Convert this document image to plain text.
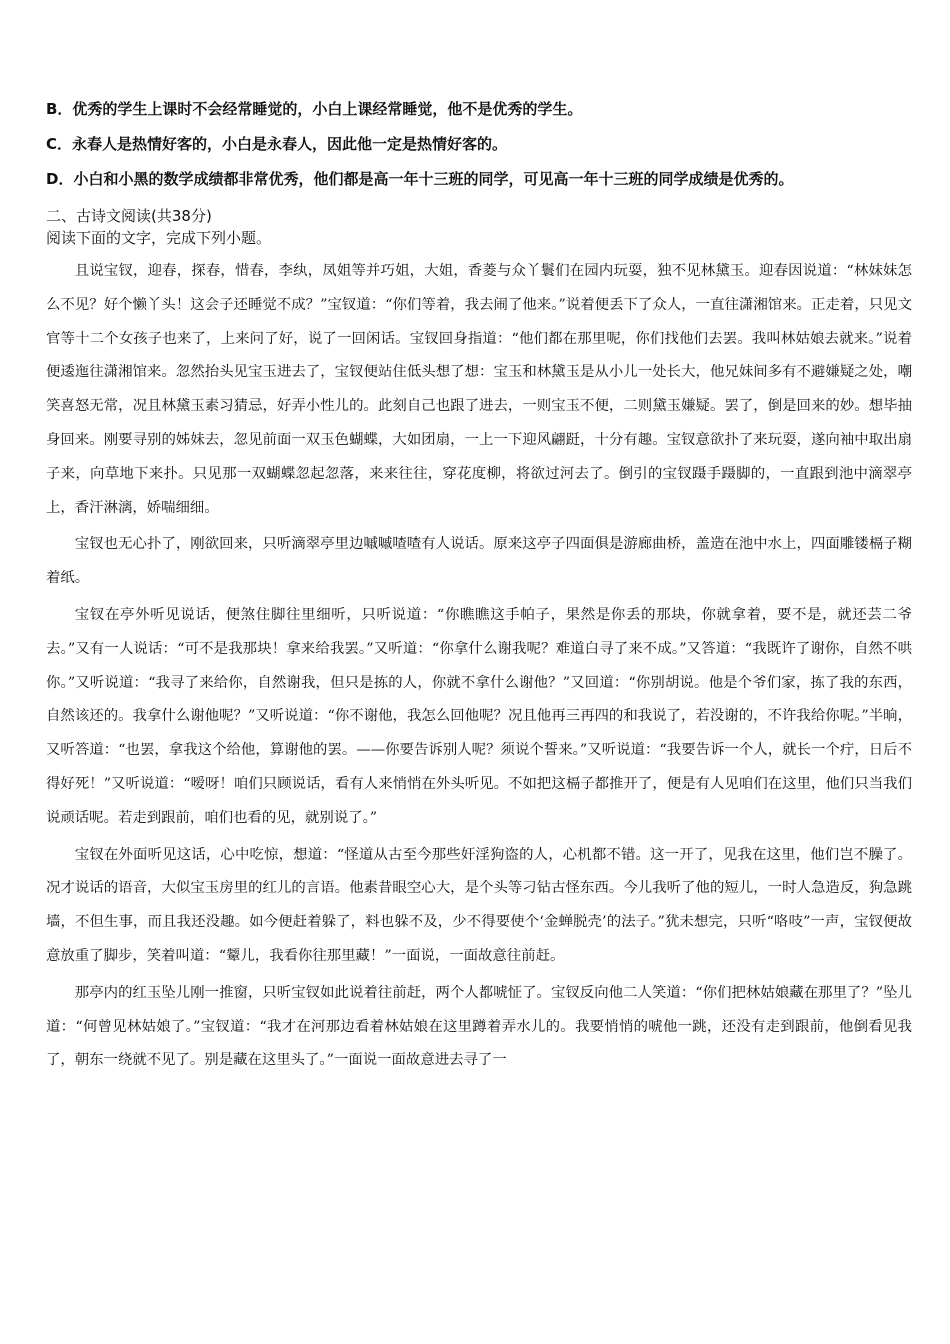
B．优秀的学生上课时不会经常睡觉的，小白上课经常睡觉，他不是优秀的学生。

C．永春人是热情好客的，小白是永春人，因此他一定是热情好客的。

D．小白和小黑的数学成绩都非常优秀，他们都是高一年十三班的同学，可见高一年十三班的同学成绩是优秀的。

二、古诗文阅读(共38分)

阅读下面的文字，完成下列小题。

且说宝钗，迎春，探春，惜春，李纨，凤姐等并巧姐，大姐，香菱与众丫鬟们在园内玩耍，独不见林黛玉。迎春因说道：“林妹妹怎么不见？好个懒丫头！这会子还睡觉不成？”宝钗道：“你们等着，我去闹了他来。”说着便丢下了众人，一直往潇湘馆来。正走着，只见文官等十二个女孩子也来了，上来问了好，说了一回闲话。宝钗回身指道：“他们都在那里呢，你们找他们去罢。我叫林姑娘去就来。”说着便逶迤往潇湘馆来。忽然抬头见宝玉进去了，宝钗便站住低头想了想：宝玉和林黛玉是从小儿一处长大，他兄妹间多有不避嫌疑之处，嘲笑喜怒无常，况且林黛玉素习猜忌，好弄小性儿的。此刻自己也跟了进去，一则宝玉不便，二则黛玉嫌疑。罢了，倒是回来的妙。想毕抽身回来。刚要寻别的姊妹去，忽见前面一双玉色蝴蝶，大如团扇，一上一下迎风翩跹，十分有趣。宝钗意欲扑了来玩耍，遂向袖中取出扇子来，向草地下来扑。只见那一双蝴蝶忽起忽落，来来往往，穿花度柳，将欲过河去了。倒引的宝钗蹑手蹑脚的，一直跟到池中滴翠亭上，香汗淋漓，娇喘细细。

宝钗也无心扑了，刚欲回来，只听滴翠亭里边嘁嘁喳喳有人说话。原来这亭子四面俱是游廊曲桥，盖造在池中水上，四面雕镂槅子糊着纸。

宝钗在亭外听见说话，便煞住脚往里细听，只听说道：“你瞧瞧这手帕子，果然是你丢的那块，你就拿着，要不是，就还芸二爷去。”又有一人说话：“可不是我那块！拿来给我罢。”又听道：“你拿什么谢我呢？难道白寻了来不成。”又答道：“我既许了谢你，自然不哄你。”又听说道：“我寻了来给你，自然谢我，但只是拣的人，你就不拿什么谢他？”又回道：“你别胡说。他是个爷们家，拣了我的东西，自然该还的。我拿什么谢他呢？”又听说道：“你不谢他，我怎么回他呢？况且他再三再四的和我说了，若没谢的，不许我给你呢。”半晌，又听答道：“也罢，拿我这个给他，算谢他的罢。——你要告诉别人呢？须说个誓来。”又听说道：“我要告诉一个人，就长一个疔，日后不得好死！”又听说道：“嗳呀！咱们只顾说话，看有人来悄悄在外头听见。不如把这槅子都推开了，便是有人见咱们在这里，他们只当我们说顽话呢。若走到跟前，咱们也看的见，就别说了。”

宝钗在外面听见这话，心中吃惊，想道：“怪道从古至今那些奸淫狗盗的人，心机都不错。这一开了，见我在这里，他们岂不臊了。况才说话的语音，大似宝玉房里的红儿的言语。他素昔眼空心大，是个头等刁钻古怪东西。今儿我听了他的短儿，一时人急造反，狗急跳墙，不但生事，而且我还没趣。如今便赶着躲了，料也躲不及，少不得要使个‘金蝉脱壳’的法子。”犹未想完，只听“咯吱”一声，宝钗便故意放重了脚步，笑着叫道：“颦儿，我看你往那里藏！”一面说，一面故意往前赶。

那亭内的红玉坠儿刚一推窗，只听宝钗如此说着往前赶，两个人都唬怔了。宝钗反向他二人笑道：“你们把林姑娘藏在那里了？”坠儿道：“何曾见林姑娘了。”宝钗道：“我才在河那边看着林姑娘在这里蹲着弄水儿的。我要悄悄的唬他一跳，还没有走到跟前，他倒看见我了，朝东一绕就不见了。别是藏在这里头了。”一面说一面故意进去寻了一
